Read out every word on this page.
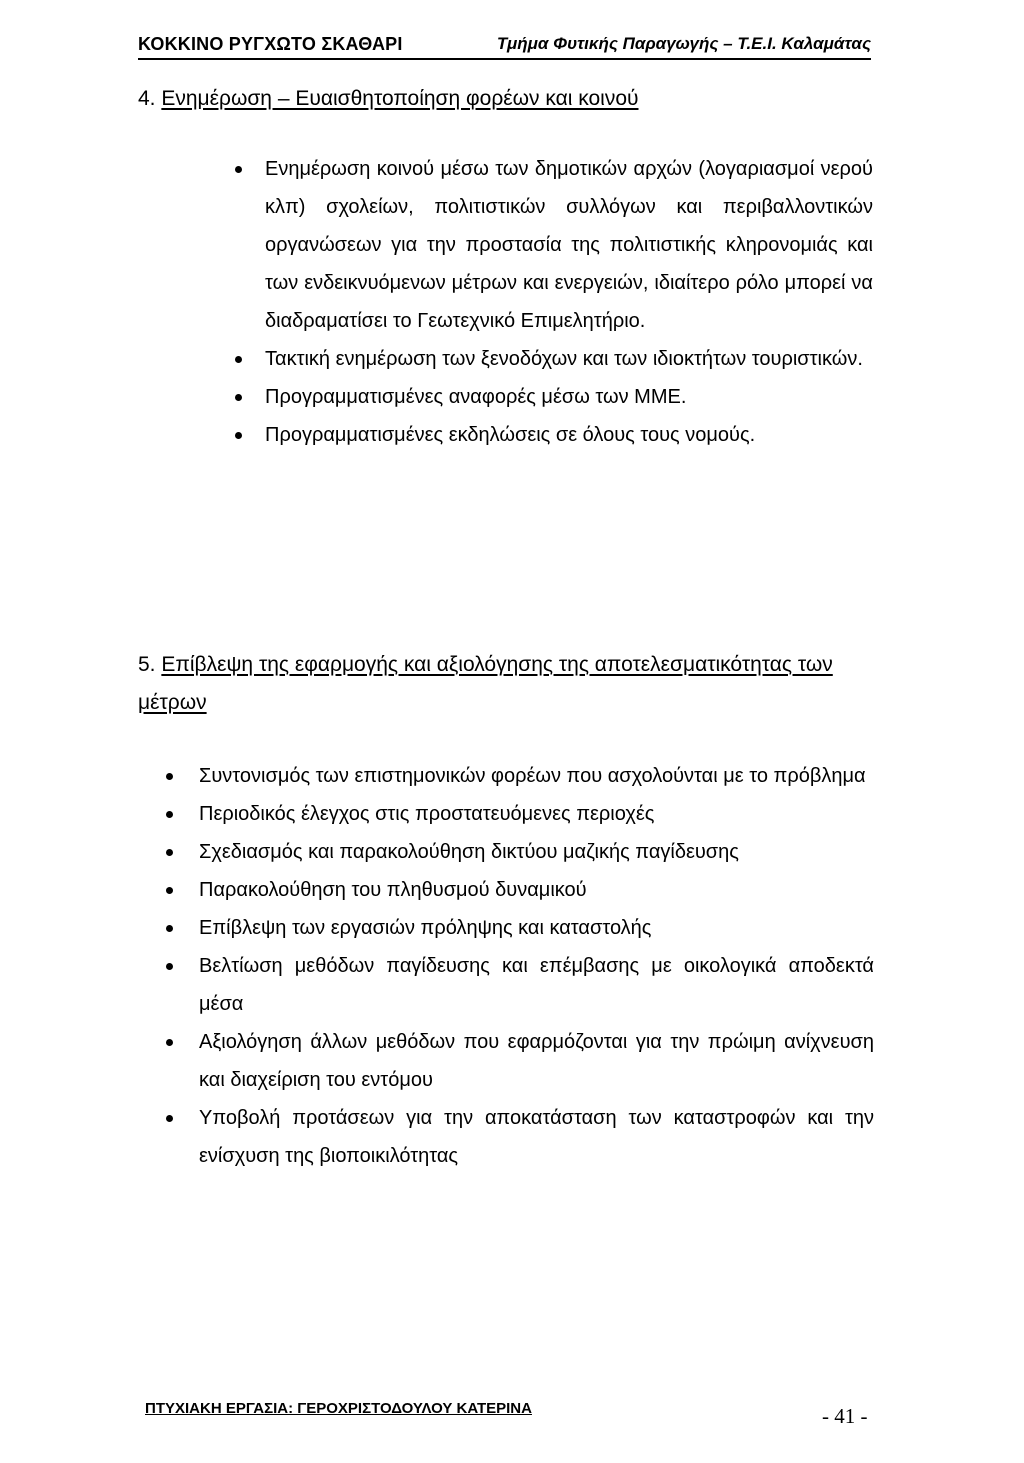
ΚΟΚΚΙΝΟ ΡΥΓΧΩΤΟ ΣΚΑΘΑΡΙ	Τμήμα Φυτικής Παραγωγής – Τ.Ε.Ι. Καλαμάτας
4. Ενημέρωση – Ευαισθητοποίηση φορέων και κοινού
Ενημέρωση κοινού μέσω των δημοτικών αρχών (λογαριασμοί νερού κλπ) σχολείων, πολιτιστικών συλλόγων και περιβαλλοντικών οργανώσεων για την προστασία της πολιτιστικής κληρονομιάς και των ενδεικνυόμενων μέτρων και ενεργειών, ιδιαίτερο ρόλο μπορεί να διαδραματίσει το Γεωτεχνικό Επιμελητήριο.
Τακτική ενημέρωση των ξενοδόχων και των ιδιοκτήτων τουριστικών.
Προγραμματισμένες αναφορές μέσω των ΜΜΕ.
Προγραμματισμένες εκδηλώσεις σε όλους τους νομούς.
5. Επίβλεψη της εφαρμογής και αξιολόγησης της αποτελεσματικότητας των μέτρων
Συντονισμός των επιστημονικών φορέων που ασχολούνται με το πρόβλημα
Περιοδικός έλεγχος στις προστατευόμενες περιοχές
Σχεδιασμός και παρακολούθηση δικτύου μαζικής παγίδευσης
Παρακολούθηση του πληθυσμού δυναμικού
Επίβλεψη των εργασιών πρόληψης και καταστολής
Βελτίωση μεθόδων παγίδευσης και επέμβασης με οικολογικά αποδεκτά μέσα
Αξιολόγηση άλλων μεθόδων που εφαρμόζονται για την πρώιμη ανίχνευση και διαχείριση του εντόμου
Υποβολή προτάσεων για την αποκατάσταση των καταστροφών και την ενίσχυση της βιοποικιλότητας
ΠΤΥΧΙΑΚΗ ΕΡΓΑΣΙΑ: ΓΕΡΟΧΡΙΣΤΟΔΟΥΛΟΥ ΚΑΤΕΡΙΝΑ	- 41 -
